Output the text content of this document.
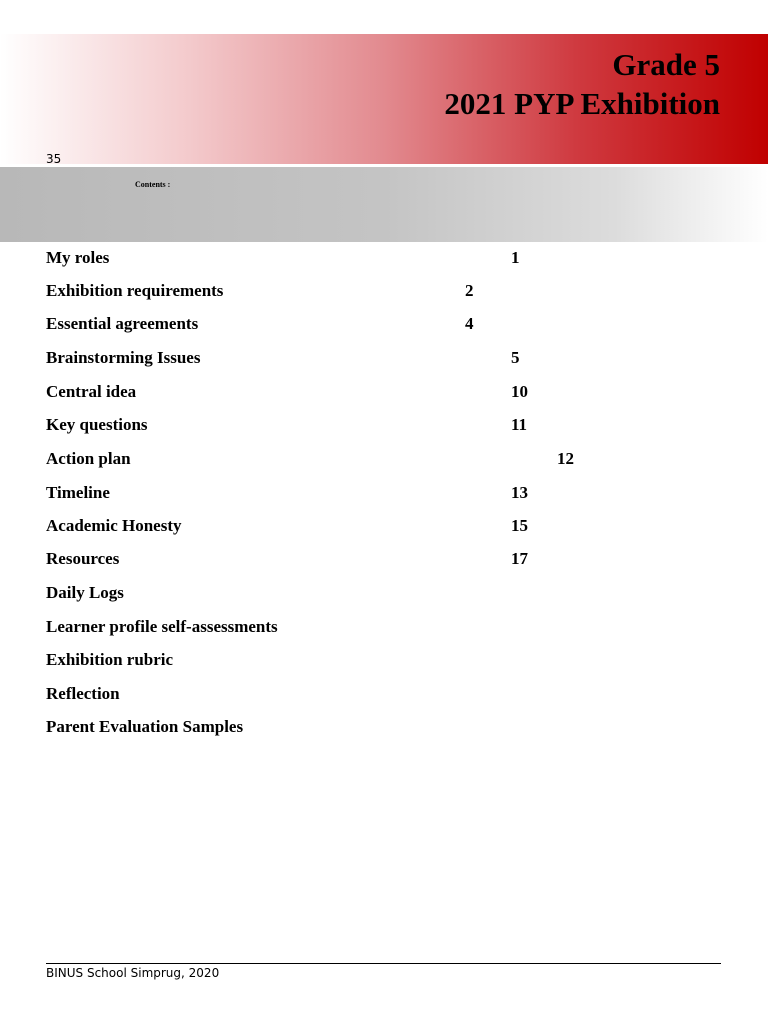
Grade 5
2021 PYP Exhibition
35
Contents :
My roles	1
Exhibition requirements	2
Essential agreements	4
Brainstorming Issues	5
Central idea	10
Key questions	11
Action plan	12
Timeline	13
Academic Honesty	15
Resources	17
Daily Logs
Learner profile self-assessments
Exhibition rubric
Reflection
Parent Evaluation Samples
BINUS School Simprug, 2020
